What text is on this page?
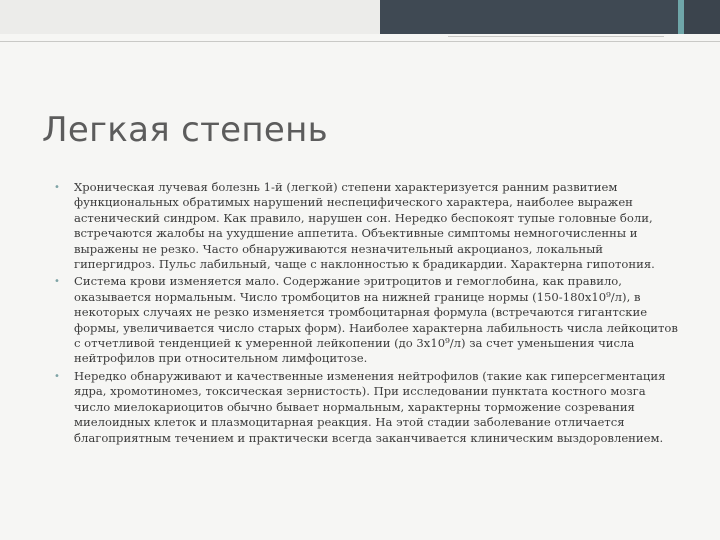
Легкая степень
• Хроническая лучевая болезнь 1-й (легкой) степени характеризуется ранним развитием функциональных обратимых нарушений неспецифического характера, наиболее выражен астенический синдром. Как правило, нарушен сон. Нередко беспокоят тупые головные боли, встречаются жалобы на ухудшение аппетита. Объективные симптомы немногочисленны и выражены не резко. Часто обнаруживаются незначительный акроцианоз, локальный гипергидроз. Пульс лабильный, чаще с наклонностью к брадикардии. Характерна гипотония.
• Система крови изменяется мало. Содержание эритроцитов и гемоглобина, как правило, оказывается нормальным. Число тромбоцитов на нижней границе нормы (150-180х10⁹/л), в некоторых случаях не резко изменяется тромбоцитарная формула (встречаются гигантские формы, увеличивается число старых форм). Наиболее характерна лабильность числа лейкоцитов с отчетливой тенденцией к умеренной лейкопении (до 3х10⁹/л) за счет уменьшения числа нейтрофилов при относительном лимфоцитозе.
• Нередко обнаруживают и качественные изменения нейтрофилов (такие как гиперсегментация ядра, хромотиномез, токсическая зернистость). При исследовании пунктата костного мозга число миелокариоцитов обычно бывает нормальным, характерны торможение созревания миелоидных клеток и плазмоцитарная реакция. На этой стадии заболевание отличается благоприятным течением и практически всегда заканчивается клиническим выздоровлением.
